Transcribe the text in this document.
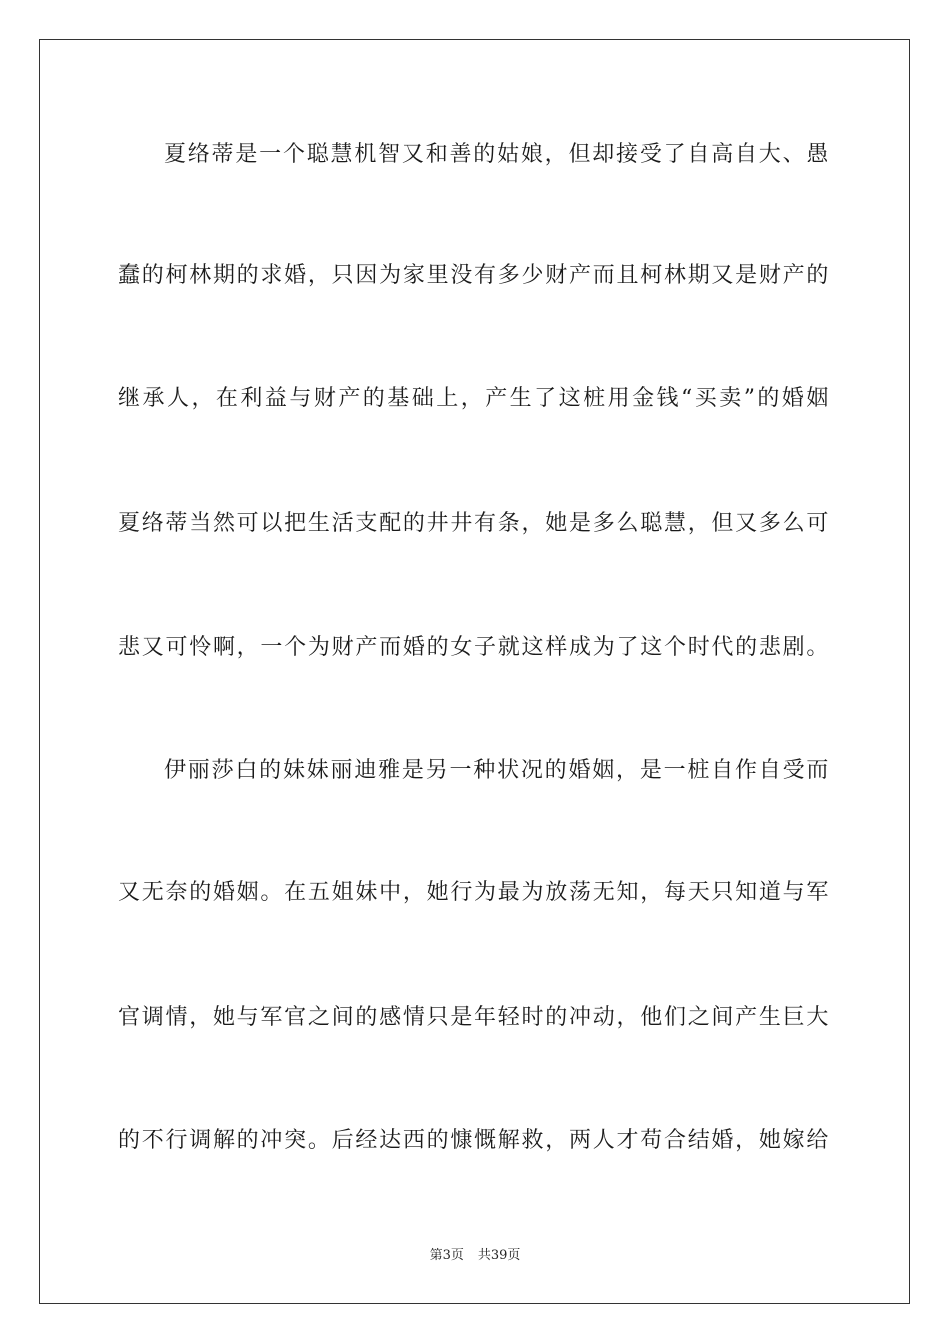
夏络蒂是一个聪慧机智又和善的姑娘，但却接受了自高自大、愚
蠢的柯林期的求婚，只因为家里没有多少财产而且柯林期又是财产的
继承人，在利益与财产的基础上，产生了这桩用金钱“买卖”的婚姻
夏络蒂当然可以把生活支配的井井有条，她是多么聪慧，但又多么可
悲又可怜啊，一个为财产而婚的女子就这样成为了这个时代的悲剧。
伊丽莎白的妹妹丽迪雅是另一种状况的婚姻，是一桩自作自受而
又无奈的婚姻。在五姐妹中，她行为最为放荡无知，每天只知道与军
官调情，她与军官之间的感情只是年轻时的冲动，他们之间产生巨大
的不行调解的冲突。后经达西的慷慨解救，两人才苟合结婚，她嫁给
第3页 共39页
